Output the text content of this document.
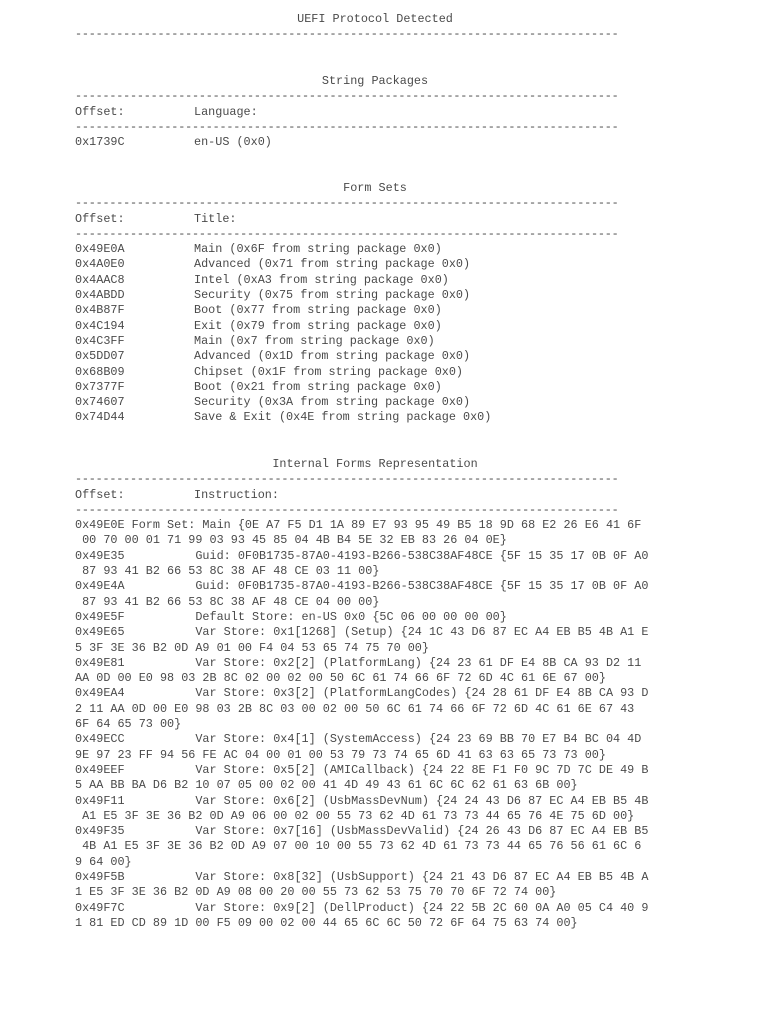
UEFI Protocol Detected
-------------------------------------------------------------------------------
String Packages
-------------------------------------------------------------------------------
Offset:	Language:
-------------------------------------------------------------------------------
0x1739C	en-US (0x0)
Form Sets
-------------------------------------------------------------------------------
Offset:	Title:
-------------------------------------------------------------------------------
0x49E0A	Main (0x6F from string package 0x0)
0x4A0E0	Advanced (0x71 from string package 0x0)
0x4AAC8	Intel (0xA3 from string package 0x0)
0x4ABDD	Security (0x75 from string package 0x0)
0x4B87F	Boot (0x77 from string package 0x0)
0x4C194	Exit (0x79 from string package 0x0)
0x4C3FF	Main (0x7 from string package 0x0)
0x5DD07	Advanced (0x1D from string package 0x0)
0x68B09	Chipset (0x1F from string package 0x0)
0x7377F	Boot (0x21 from string package 0x0)
0x74607	Security (0x3A from string package 0x0)
0x74D44	Save & Exit (0x4E from string package 0x0)
Internal Forms Representation
-------------------------------------------------------------------------------
Offset:	Instruction:
-------------------------------------------------------------------------------
0x49E0E Form Set: Main {0E A7 F5 D1 1A 89 E7 93 95 49 B5 18 9D 68 E2 26 E6 41 6F
00 70 00 01 71 99 03 93 45 85 04 4B B4 5E 32 EB 83 26 04 0E}
0x49E35          Guid: 0F0B1735-87A0-4193-B266-538C38AF48CE {5F 15 35 17 0B 0F A0
87 93 41 B2 66 53 8C 38 AF 48 CE 03 11 00}
0x49E4A          Guid: 0F0B1735-87A0-4193-B266-538C38AF48CE {5F 15 35 17 0B 0F A0
87 93 41 B2 66 53 8C 38 AF 48 CE 04 00 00}
0x49E5F          Default Store: en-US 0x0 {5C 06 00 00 00 00}
0x49E65          Var Store: 0x1[1268] (Setup) {24 1C 43 D6 87 EC A4 EB B5 4B A1 E
5 3F 3E 36 B2 0D A9 01 00 F4 04 53 65 74 75 70 00}
0x49E81          Var Store: 0x2[2] (PlatformLang) {24 23 61 DF E4 8B CA 93 D2 11
AA 0D 00 E0 98 03 2B 8C 02 00 02 00 50 6C 61 74 66 6F 72 6D 4C 61 6E 67 00}
0x49EA4          Var Store: 0x3[2] (PlatformLangCodes) {24 28 61 DF E4 8B CA 93 D
2 11 AA 0D 00 E0 98 03 2B 8C 03 00 02 00 50 6C 61 74 66 6F 72 6D 4C 61 6E 67 43
6F 64 65 73 00}
0x49ECC          Var Store: 0x4[1] (SystemAccess) {24 23 69 BB 70 E7 B4 BC 04 4D
9E 97 23 FF 94 56 FE AC 04 00 01 00 53 79 73 74 65 6D 41 63 63 65 73 73 00}
0x49EEF          Var Store: 0x5[2] (AMICallback) {24 22 8E F1 F0 9C 7D 7C DE 49 B
5 AA BB BA D6 B2 10 07 05 00 02 00 41 4D 49 43 61 6C 6C 62 61 63 6B 00}
0x49F11          Var Store: 0x6[2] (UsbMassDevNum) {24 24 43 D6 87 EC A4 EB B5 4B
A1 E5 3F 3E 36 B2 0D A9 06 00 02 00 55 73 62 4D 61 73 73 44 65 76 4E 75 6D 00}
0x49F35          Var Store: 0x7[16] (UsbMassDevValid) {24 26 43 D6 87 EC A4 EB B5
4B A1 E5 3F 3E 36 B2 0D A9 07 00 10 00 55 73 62 4D 61 73 73 44 65 76 56 61 6C 6
9 64 00}
0x49F5B          Var Store: 0x8[32] (UsbSupport) {24 21 43 D6 87 EC A4 EB B5 4B A
1 E5 3F 3E 36 B2 0D A9 08 00 20 00 55 73 62 53 75 70 70 6F 72 74 00}
0x49F7C          Var Store: 0x9[2] (DellProduct) {24 22 5B 2C 60 0A A0 05 C4 40 9
1 81 ED CD 89 1D 00 F5 09 00 02 00 44 65 6C 6C 50 72 6F 64 75 63 74 00}
